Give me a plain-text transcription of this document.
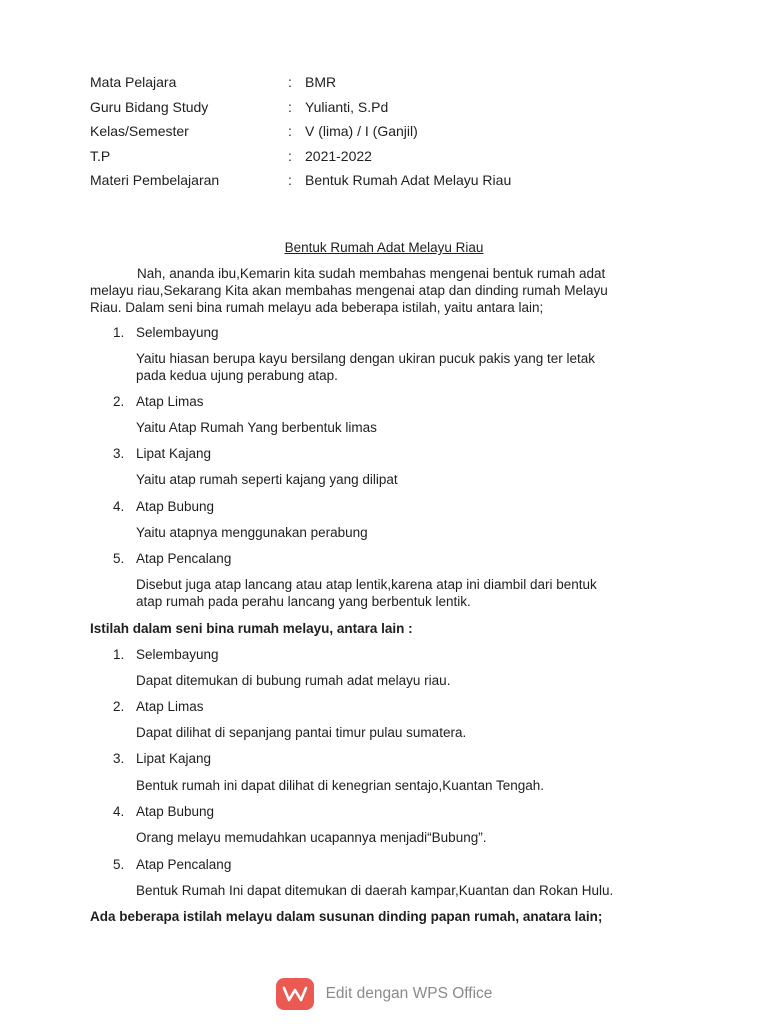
Mata Pelajara	: BMR
Guru Bidang Study	: Yulianti, S.Pd
Kelas/Semester	: V (lima) / I (Ganjil)
T.P	: 2021-2022
Materi Pembelajaran	: Bentuk Rumah Adat Melayu Riau
Bentuk Rumah Adat Melayu Riau
Nah, ananda ibu,Kemarin kita sudah membahas mengenai bentuk rumah adat
melayu riau,Sekarang Kita akan membahas mengenai atap dan dinding rumah Melayu
Riau. Dalam seni bina rumah melayu ada beberapa istilah, yaitu antara lain;
1. Selembayung
Yaitu hiasan berupa kayu bersilang dengan ukiran pucuk pakis yang ter letak
pada kedua ujung perabung atap.
2. Atap Limas
Yaitu Atap Rumah Yang berbentuk limas
3. Lipat Kajang
Yaitu atap rumah seperti kajang yang dilipat
4. Atap Bubung
Yaitu atapnya menggunakan perabung
5. Atap Pencalang
Disebut juga atap lancang atau atap lentik,karena atap ini diambil dari bentuk
atap rumah pada perahu lancang yang berbentuk lentik.
Istilah dalam seni bina rumah melayu, antara lain :
1. Selembayung
Dapat ditemukan di bubung rumah adat melayu riau.
2. Atap Limas
Dapat dilihat di sepanjang pantai timur pulau sumatera.
3. Lipat Kajang
Bentuk rumah ini dapat dilihat di kenegrian sentajo,Kuantan Tengah.
4. Atap Bubung
Orang melayu memudahkan ucapannya menjadi“Bubung”.
5. Atap Pencalang
Bentuk Rumah Ini dapat ditemukan di daerah kampar,Kuantan dan Rokan Hulu.
Ada beberapa istilah melayu dalam susunan dinding papan rumah, anatara lain;
Edit dengan WPS Office
